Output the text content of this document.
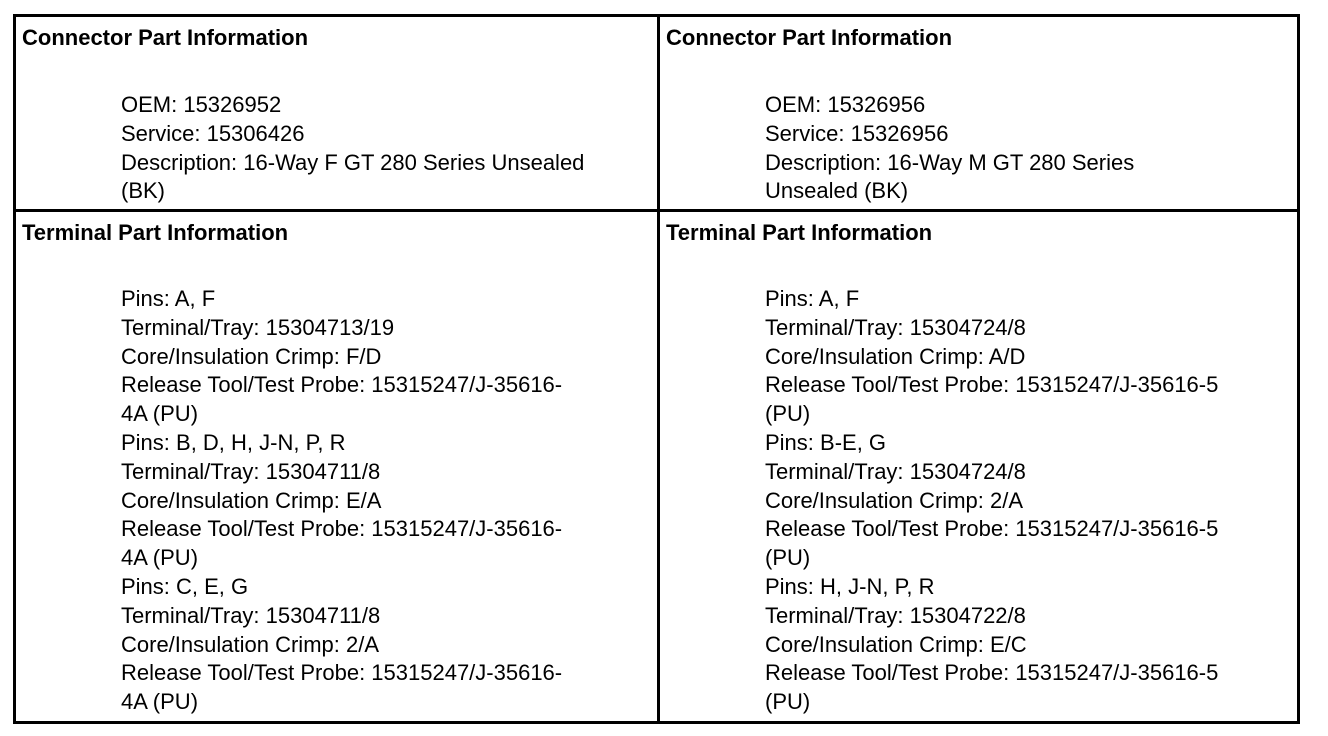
Connector Part Information
OEM: 15326952
Service: 15306426
Description: 16-Way F GT 280 Series Unsealed
(BK)
Connector Part Information
OEM: 15326956
Service: 15326956
Description: 16-Way M GT 280 Series
Unsealed (BK)
Terminal Part Information
Pins: A, F
Terminal/Tray: 15304713/19
Core/Insulation Crimp: F/D
Release Tool/Test Probe: 15315247/J-35616-
4A (PU)
Pins: B, D, H, J-N, P, R
Terminal/Tray: 15304711/8
Core/Insulation Crimp: E/A
Release Tool/Test Probe: 15315247/J-35616-
4A (PU)
Pins: C, E, G
Terminal/Tray: 15304711/8
Core/Insulation Crimp: 2/A
Release Tool/Test Probe: 15315247/J-35616-
4A (PU)
Terminal Part Information
Pins: A, F
Terminal/Tray: 15304724/8
Core/Insulation Crimp: A/D
Release Tool/Test Probe: 15315247/J-35616-5
(PU)
Pins: B-E, G
Terminal/Tray: 15304724/8
Core/Insulation Crimp: 2/A
Release Tool/Test Probe: 15315247/J-35616-5
(PU)
Pins: H, J-N, P, R
Terminal/Tray: 15304722/8
Core/Insulation Crimp: E/C
Release Tool/Test Probe: 15315247/J-35616-5
(PU)
